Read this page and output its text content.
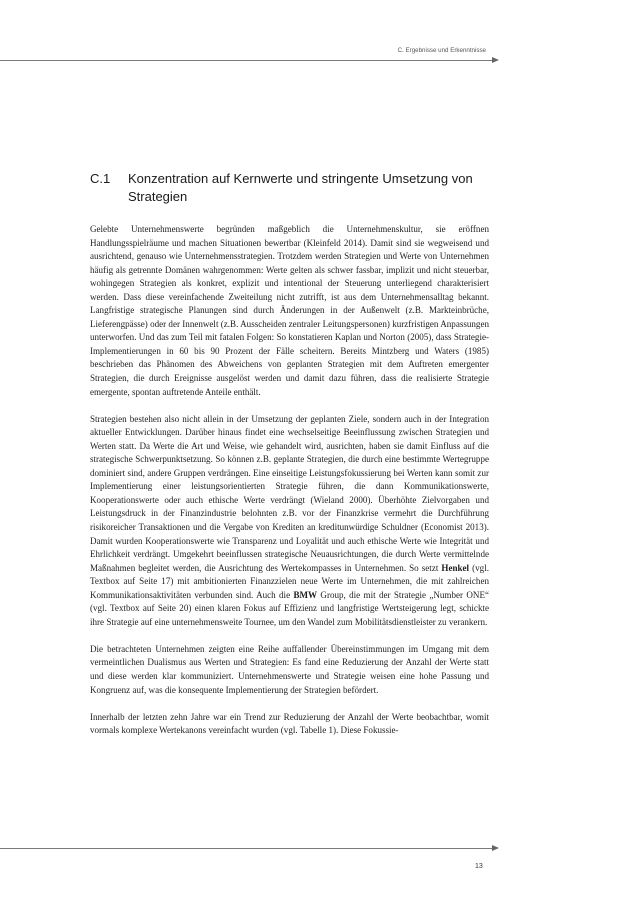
C. Ergebnisse und Erkenntnisse
C.1 Konzentration auf Kernwerte und stringente Umsetzung von Strategien

Gelebte Unternehmenswerte begründen maßgeblich die Unternehmenskultur, sie eröffnen Handlungsspielräume und machen Situationen bewertbar (Kleinfeld 2014). Damit sind sie wegweisend und ausrichtend, genauso wie Unternehmensstrategien. Trotzdem werden Strategien und Werte von Unternehmen häufig als getrennte Domänen wahrgenommen: Werte gelten als schwer fassbar, implizit und nicht steuerbar, wohingegen Strategien als konkret, explizit und intentional der Steuerung unterliegend charakterisiert werden. Dass diese vereinfachende Zweiteilung nicht zutrifft, ist aus dem Unternehmensalltag bekannt. Langfristige strategische Planungen sind durch Änderungen in der Außenwelt (z.B. Markteinbrüche, Lieferengpässe) oder der Innenwelt (z.B. Ausscheiden zentraler Leitungspersonen) kurzfristigen Anpassungen unterworfen. Und das zum Teil mit fatalen Folgen: So konstatieren Kaplan und Norton (2005), dass Strategie-Implementierungen in 60 bis 90 Prozent der Fälle scheitern. Bereits Mintzberg und Waters (1985) beschrieben das Phänomen des Abweichens von geplanten Strategien mit dem Auftreten emergenter Strategien, die durch Ereignisse ausgelöst werden und damit dazu führen, dass die realisierte Strategie emergente, spontan auftretende Anteile enthält.

Strategien bestehen also nicht allein in der Umsetzung der geplanten Ziele, sondern auch in der Integration aktueller Entwicklungen. Darüber hinaus findet eine wechselseitige Beeinflussung zwischen Strategien und Werten statt. Da Werte die Art und Weise, wie gehandelt wird, ausrichten, haben sie damit Einfluss auf die strategische Schwerpunktsetzung. So können z.B. geplante Strategien, die durch eine bestimmte Wertegruppe dominiert sind, andere Gruppen verdrängen. Eine einseitige Leistungsfokussierung bei Werten kann somit zur Implementierung einer leistungsorientierten Strategie führen, die dann Kommunikationswerte, Kooperationswerte oder auch ethische Werte verdrängt (Wieland 2000). Überhöhte Zielvorgaben und Leistungsdruck in der Finanzindustrie belohnten z.B. vor der Finanzkrise vermehrt die Durchführung risikoreicher Transaktionen und die Vergabe von Krediten an kreditunwürdige Schuldner (Economist 2013). Damit wurden Kooperationswerte wie Transparenz und Loyalität und auch ethische Werte wie Integrität und Ehrlichkeit verdrängt. Umgekehrt beeinflussen strategische Neuausrichtungen, die durch Werte vermittelnde Maßnahmen begleitet werden, die Ausrichtung des Wertekompasses in Unternehmen. So setzt Henkel (vgl. Textbox auf Seite 17) mit ambitionierten Finanzzielen neue Werte im Unternehmen, die mit zahlreichen Kommunikationsaktivitäten verbunden sind. Auch die BMW Group, die mit der Strategie „Number ONE“ (vgl. Textbox auf Seite 20) einen klaren Fokus auf Effizienz und langfristige Wertsteigerung legt, schickte ihre Strategie auf eine unternehmensweite Tournee, um den Wandel zum Mobilitätsdienstleister zu verankern.

Die betrachteten Unternehmen zeigten eine Reihe auffallender Übereinstimmungen im Umgang mit dem vermeintlichen Dualismus aus Werten und Strategien: Es fand eine Reduzierung der Anzahl der Werte statt und diese werden klar kommuniziert. Unternehmenswerte und Strategie weisen eine hohe Passung und Kongruenz auf, was die konsequente Implementierung der Strategien befördert.

Innerhalb der letzten zehn Jahre war ein Trend zur Reduzierung der Anzahl der Werte beobachtbar, womit vormals komplexe Wertekanons vereinfacht wurden (vgl. Tabelle 1). Diese Fokussie-

13
